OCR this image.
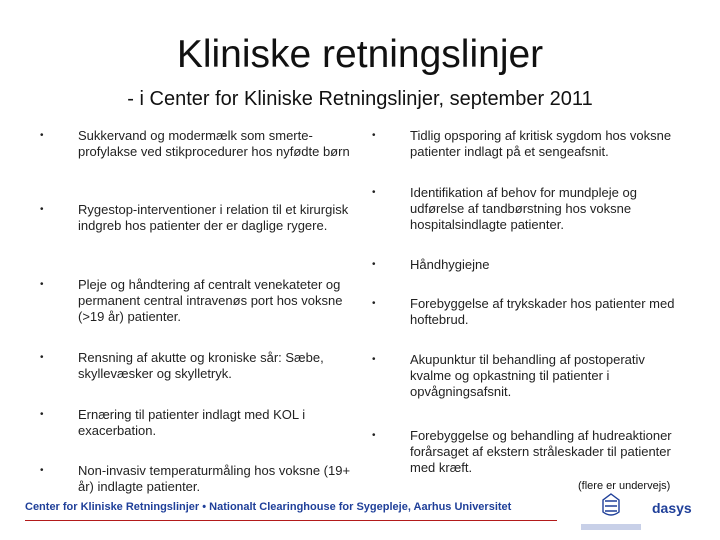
Kliniske retningslinjer
- i Center for Kliniske Retningslinjer, september 2011
•	Sukkervand og modermælk som smerte-profylakse ved stikprocedurer hos nyfødte børn
•	Rygestop-interventioner i relation til et kirurgisk indgreb hos patienter der er daglige rygere.
•	Pleje og håndtering af centralt venekateter og permanent central intravenøs port hos voksne (>19 år) patienter.
•	Rensning af akutte og kroniske sår: Sæbe, skyllevæsker og skylletryk.
•	Ernæring til patienter indlagt med KOL i exacerbation.
•	Non-invasiv temperaturmåling hos voksne (19+ år) indlagte patienter.
•	Tidlig opsporing af kritisk sygdom hos voksne patienter indlagt på et sengeafsnit.
•	Identifikation af behov for mundpleje og udførelse af tandbørstning hos voksne hospitalsindlagte patienter.
•	Håndhygiejne
•	Forebyggelse af trykskader hos patienter med hoftebrud.
•	Akupunktur til behandling af postoperativ kvalme og opkastning til patienter i opvågningsafsnit.
•	Forebyggelse og behandling af hudreaktioner forårsaget af ekstern stråleskader til patienter med kræft.
(flere er undervejs)
Center for Kliniske Retningslinjer • Nationalt Clearinghouse for Sygepleje, Aarhus Universitet	dasys
